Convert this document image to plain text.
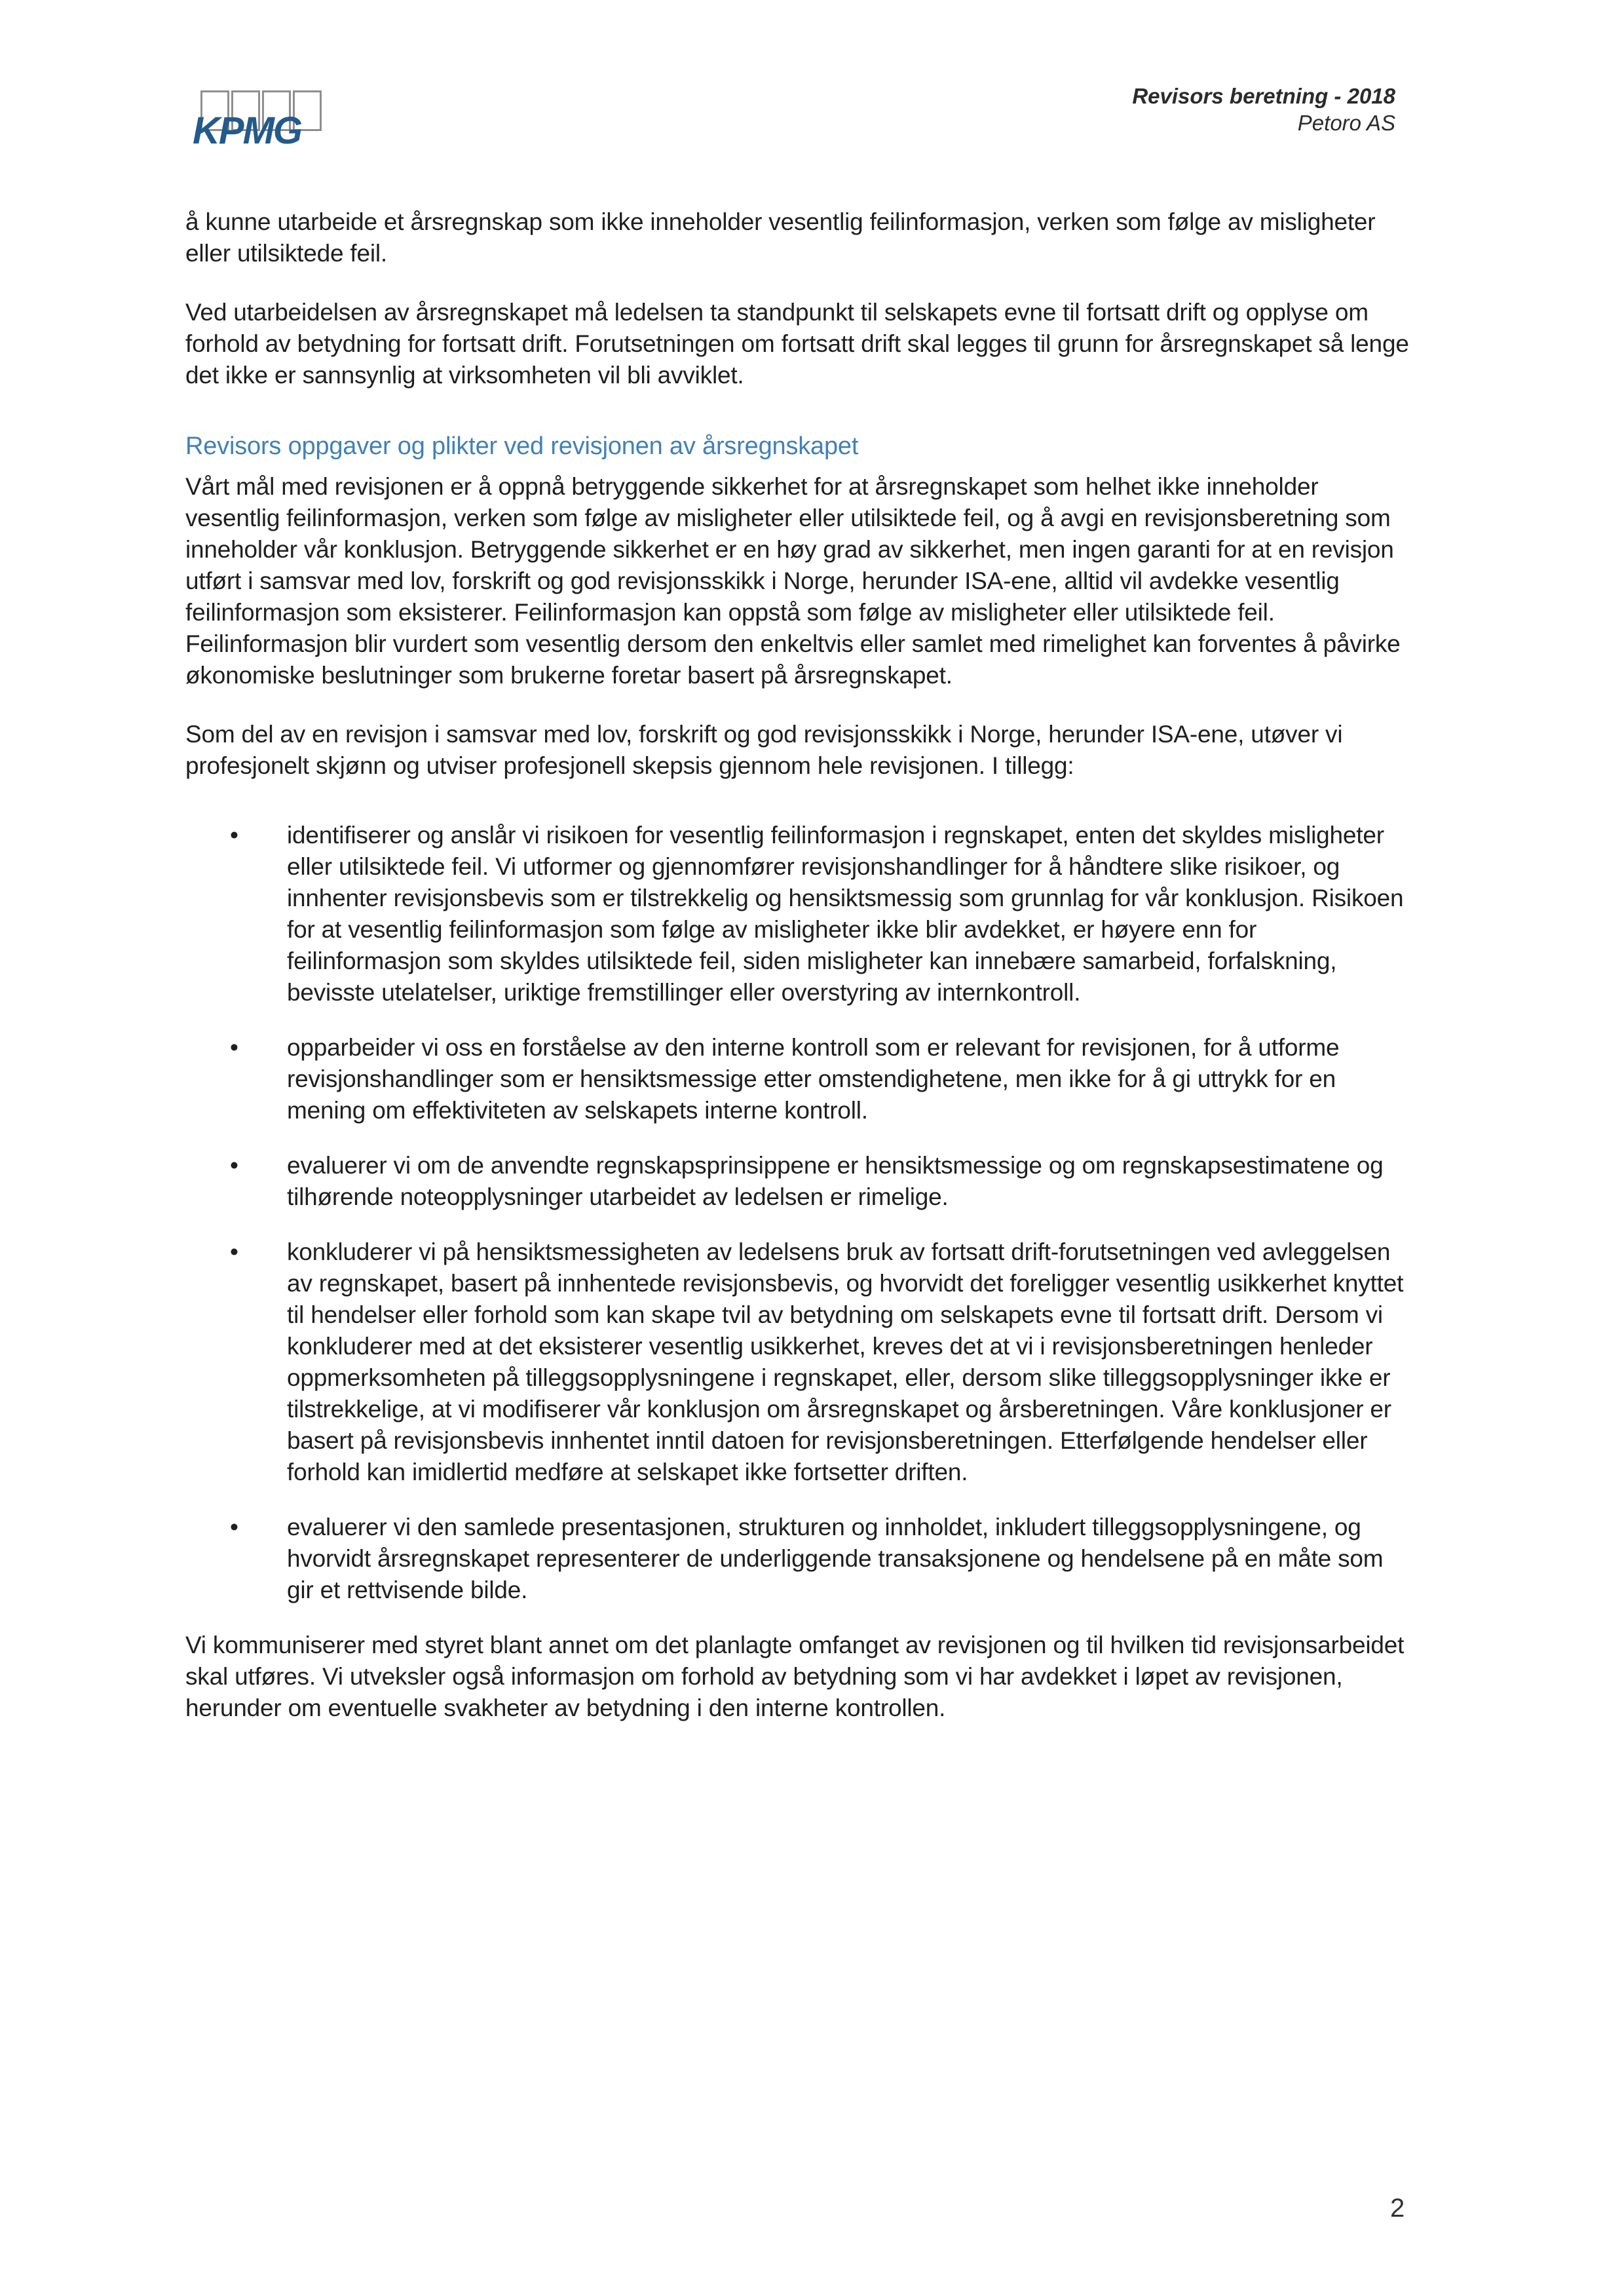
KPMG
Revisors beretning - 2018
Petoro AS

å kunne utarbeide et årsregnskap som ikke inneholder vesentlig feilinformasjon, verken som følge av misligheter eller utilsiktede feil.

Ved utarbeidelsen av årsregnskapet må ledelsen ta standpunkt til selskapets evne til fortsatt drift og opplyse om forhold av betydning for fortsatt drift. Forutsetningen om fortsatt drift skal legges til grunn for årsregnskapet så lenge det ikke er sannsynlig at virksomheten vil bli avviklet.

Revisors oppgaver og plikter ved revisjonen av årsregnskapet

Vårt mål med revisjonen er å oppnå betryggende sikkerhet for at årsregnskapet som helhet ikke inneholder vesentlig feilinformasjon, verken som følge av misligheter eller utilsiktede feil, og å avgi en revisjonsberetning som inneholder vår konklusjon. Betryggende sikkerhet er en høy grad av sikkerhet, men ingen garanti for at en revisjon utført i samsvar med lov, forskrift og god revisjonsskikk i Norge, herunder ISA-ene, alltid vil avdekke vesentlig feilinformasjon som eksisterer. Feilinformasjon kan oppstå som følge av misligheter eller utilsiktede feil. Feilinformasjon blir vurdert som vesentlig dersom den enkeltvis eller samlet med rimelighet kan forventes å påvirke økonomiske beslutninger som brukerne foretar basert på årsregnskapet.

Som del av en revisjon i samsvar med lov, forskrift og god revisjonsskikk i Norge, herunder ISA-ene, utøver vi profesjonelt skjønn og utviser profesjonell skepsis gjennom hele revisjonen. I tillegg:

• identifiserer og anslår vi risikoen for vesentlig feilinformasjon i regnskapet, enten det skyldes misligheter eller utilsiktede feil. Vi utformer og gjennomfører revisjonshandlinger for å håndtere slike risikoer, og innhenter revisjonsbevis som er tilstrekkelig og hensiktsmessig som grunnlag for vår konklusjon. Risikoen for at vesentlig feilinformasjon som følge av misligheter ikke blir avdekket, er høyere enn for feilinformasjon som skyldes utilsiktede feil, siden misligheter kan innebære samarbeid, forfalskning, bevisste utelatelser, uriktige fremstillinger eller overstyring av internkontroll.
• opparbeider vi oss en forståelse av den interne kontroll som er relevant for revisjonen, for å utforme revisjonshandlinger som er hensiktsmessige etter omstendighetene, men ikke for å gi uttrykk for en mening om effektiviteten av selskapets interne kontroll.
• evaluerer vi om de anvendte regnskapsprinsippene er hensiktsmessige og om regnskapsestimatene og tilhørende noteopplysninger utarbeidet av ledelsen er rimelige.
• konkluderer vi på hensiktsmessigheten av ledelsens bruk av fortsatt drift-forutsetningen ved avleggelsen av regnskapet, basert på innhentede revisjonsbevis, og hvorvidt det foreligger vesentlig usikkerhet knyttet til hendelser eller forhold som kan skape tvil av betydning om selskapets evne til fortsatt drift. Dersom vi konkluderer med at det eksisterer vesentlig usikkerhet, kreves det at vi i revisjonsberetningen henleder oppmerksomheten på tilleggsopplysningene i regnskapet, eller, dersom slike tilleggsopplysninger ikke er tilstrekkelige, at vi modifiserer vår konklusjon om årsregnskapet og årsberetningen. Våre konklusjoner er basert på revisjonsbevis innhentet inntil datoen for revisjonsberetningen. Etterfølgende hendelser eller forhold kan imidlertid medføre at selskapet ikke fortsetter driften.
• evaluerer vi den samlede presentasjonen, strukturen og innholdet, inkludert tilleggsopplysningene, og hvorvidt årsregnskapet representerer de underliggende transaksjonene og hendelsene på en måte som gir et rettvisende bilde.

Vi kommuniserer med styret blant annet om det planlagte omfanget av revisjonen og til hvilken tid revisjonsarbeidet skal utføres. Vi utveksler også informasjon om forhold av betydning som vi har avdekket i løpet av revisjonen, herunder om eventuelle svakheter av betydning i den interne kontrollen.

2
